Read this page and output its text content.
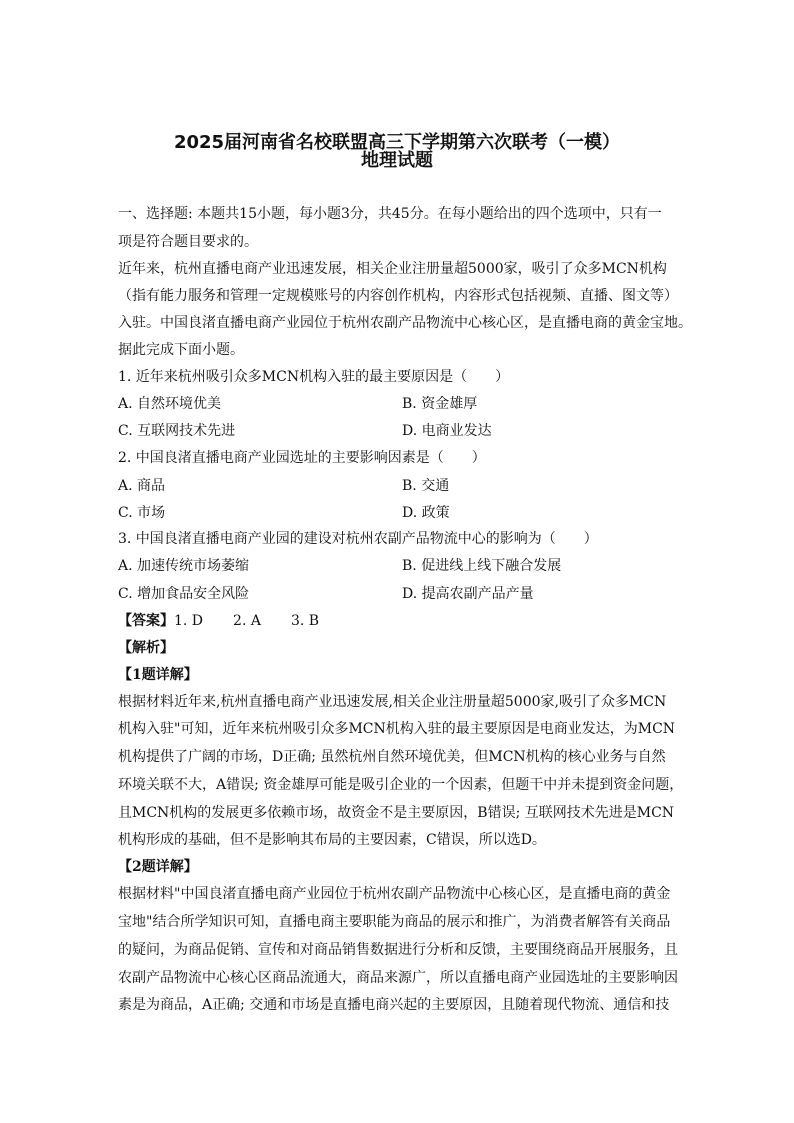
2025届河南省名校联盟高三下学期第六次联考（一模）
地理试题
一、选择题: 本题共15小题，每小题3分，共45分。在每小题给出的四个选项中，只有一
项是符合题目要求的。
近年来，杭州直播电商产业迅速发展，相关企业注册量超5000家，吸引了众多MCN机构
（指有能力服务和管理一定规模账号的内容创作机构，内容形式包括视频、直播、图文等）
入驻。中国良渚直播电商产业园位于杭州农副产品物流中心核心区，是直播电商的黄金宝地。
据此完成下面小题。
1. 近年来杭州吸引众多MCN机构入驻的最主要原因是（　　）
A. 自然环境优美	B. 资金雄厚
C. 互联网技术先进	D. 电商业发达
2. 中国良渚直播电商产业园选址的主要影响因素是（　　）
A. 商品	B. 交通
C. 市场	D. 政策
3. 中国良渚直播电商产业园的建设对杭州农副产品物流中心的影响为（　　）
A. 加速传统市场萎缩	B. 促进线上线下融合发展
C. 增加食品安全风险	D. 提高农副产品产量
【答案】1. D 2. A 3. B
【解析】
【1题详解】
根据材料近年来,杭州直播电商产业迅速发展,相关企业注册量超5000家,吸引了众多MCN
机构入驻"可知，近年来杭州吸引众多MCN机构入驻的最主要原因是电商业发达，为MCN
机构提供了广阔的市场，D正确; 虽然杭州自然环境优美，但MCN机构的核心业务与自然
环境关联不大，A错误; 资金雄厚可能是吸引企业的一个因素，但题干中并未提到资金问题，
且MCN机构的发展更多依赖市场，故资金不是主要原因，B错误; 互联网技术先进是MCN
机构形成的基础，但不是影响其布局的主要因素，C错误，所以选D。
【2题详解】
根据材料"中国良渚直播电商产业园位于杭州农副产品物流中心核心区，是直播电商的黄金
宝地"结合所学知识可知，直播电商主要职能为商品的展示和推广，为消费者解答有关商品
的疑问，为商品促销、宣传和对商品销售数据进行分析和反馈，主要围绕商品开展服务，且
农副产品物流中心核心区商品流通大，商品来源广，所以直播电商产业园选址的主要影响因
素是为商品，A正确; 交通和市场是直播电商兴起的主要原因，且随着现代物流、通信和技
